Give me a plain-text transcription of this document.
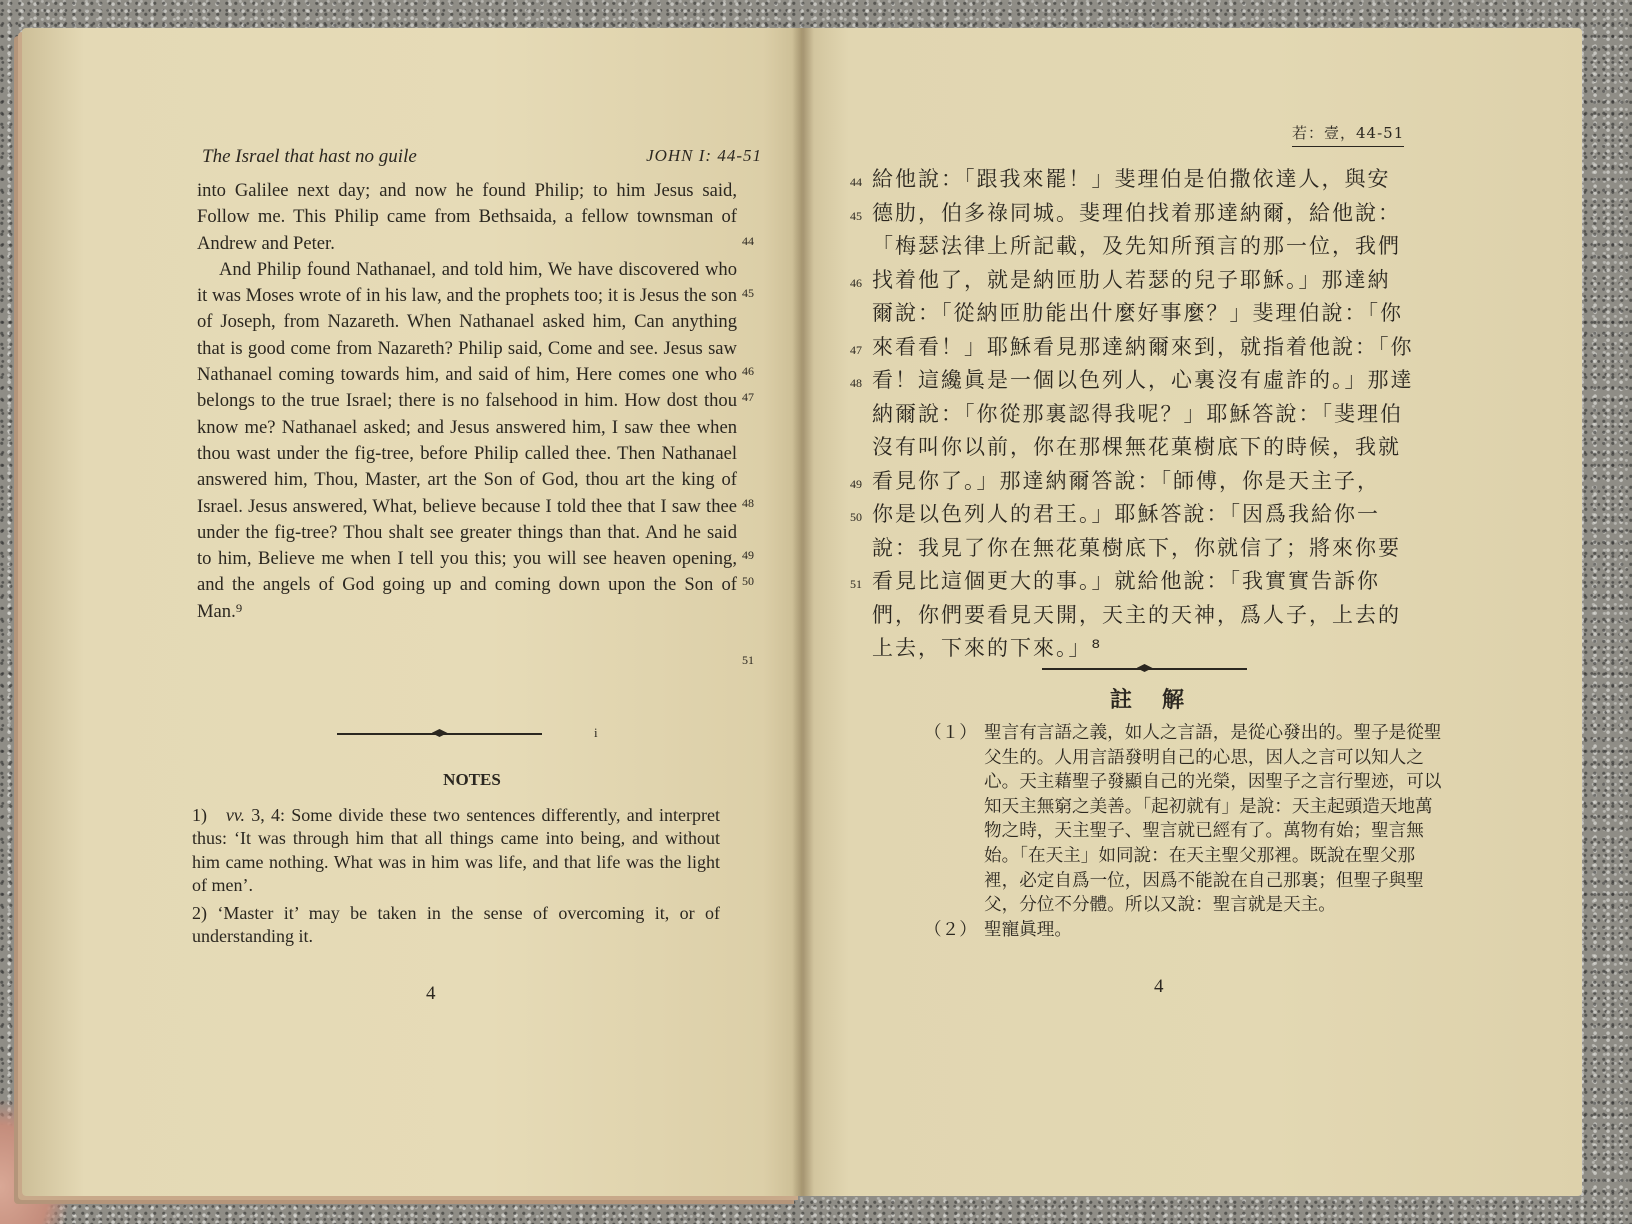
The Israel that hast no guile	JOHN I: 44-51

into Galilee next day; and now he found Philip; to him Jesus said, Follow me. This Philip came from Bethsaida, a fellow townsman of Andrew and Peter.

And Philip found Nathanael, and told him, We have discovered who it was Moses wrote of in his law, and the prophets too; it is Jesus the son of Joseph, from Nazareth. When Nathanael asked him, Can anything that is good come from Nazareth? Philip said, Come and see. Jesus saw Nathanael coming towards him, and said of him, Here comes one who belongs to the true Israel; there is no falsehood in him. How dost thou know me? Nathanael asked; and Jesus answered him, I saw thee when thou wast under the fig-tree, before Philip called thee. Then Nathanael answered him, Thou, Master, art the Son of God, thou art the king of Israel. Jesus answered, What, believe because I told thee that I saw thee under the fig-tree? Thou shalt see greater things than that. And he said to him, Believe me when I tell you this; you will see heaven opening, and the angels of God going up and coming down upon the Son of Man.⁹

44
45
46
47
48
49
50
51
i
NOTES

1) vv. 3, 4: Some divide these two sentences differently, and interpret thus: ‘It was through him that all things came into being, and without him came nothing. What was in him was life, and that life was the light of men’.

2) ‘Master it’ may be taken in the sense of overcoming it, or of understanding it.

4
若：壹，44-51
44
45
46
47
48
49
50
51
給他說：「跟我來罷！」斐理伯是伯撒依達人，與安
德肋，伯多祿同城。斐理伯找着那達納爾，給他說：
「梅瑟法律上所記載，及先知所預言的那一位，我們
找着他了，就是納匝肋人若瑟的兒子耶穌。」那達納
爾說：「從納匝肋能出什麼好事麼？」斐理伯說：「你
來看看！」耶穌看見那達納爾來到，就指着他說：「你
看！這纔眞是一個以色列人，心裏沒有虛詐的。」那達
納爾說：「你從那裏認得我呢？」耶穌答說：「斐理伯
沒有叫你以前，你在那棵無花菓樹底下的時候，我就
看見你了。」那達納爾答說：「師傅，你是天主子，
你是以色列人的君王。」耶穌答說：「因爲我給你一
說：我見了你在無花菓樹底下，你就信了；將來你要
看見比這個更大的事。」就給他說：「我實實告訴你
們，你們要看見天開，天主的天神，爲人子，上去的
上去，下來的下來。」⁸
註解
（１） 聖言有言語之義，如人之言語，是從心發出的。聖子是從聖父生的。人用言語發明自己的心思，因人之言可以知人之心。天主藉聖子發顯自己的光榮，因聖子之言行聖迹，可以知天主無窮之美善。「起初就有」是說：天主起頭造天地萬物之時，天主聖子、聖言就已經有了。萬物有始；聖言無始。「在天主」如同說：在天主聖父那裡。既說在聖父那裡，必定自爲一位，因爲不能說在自己那裏；但聖子與聖父，分位不分體。所以又說：聖言就是天主。
（２） 聖寵眞理。
4
